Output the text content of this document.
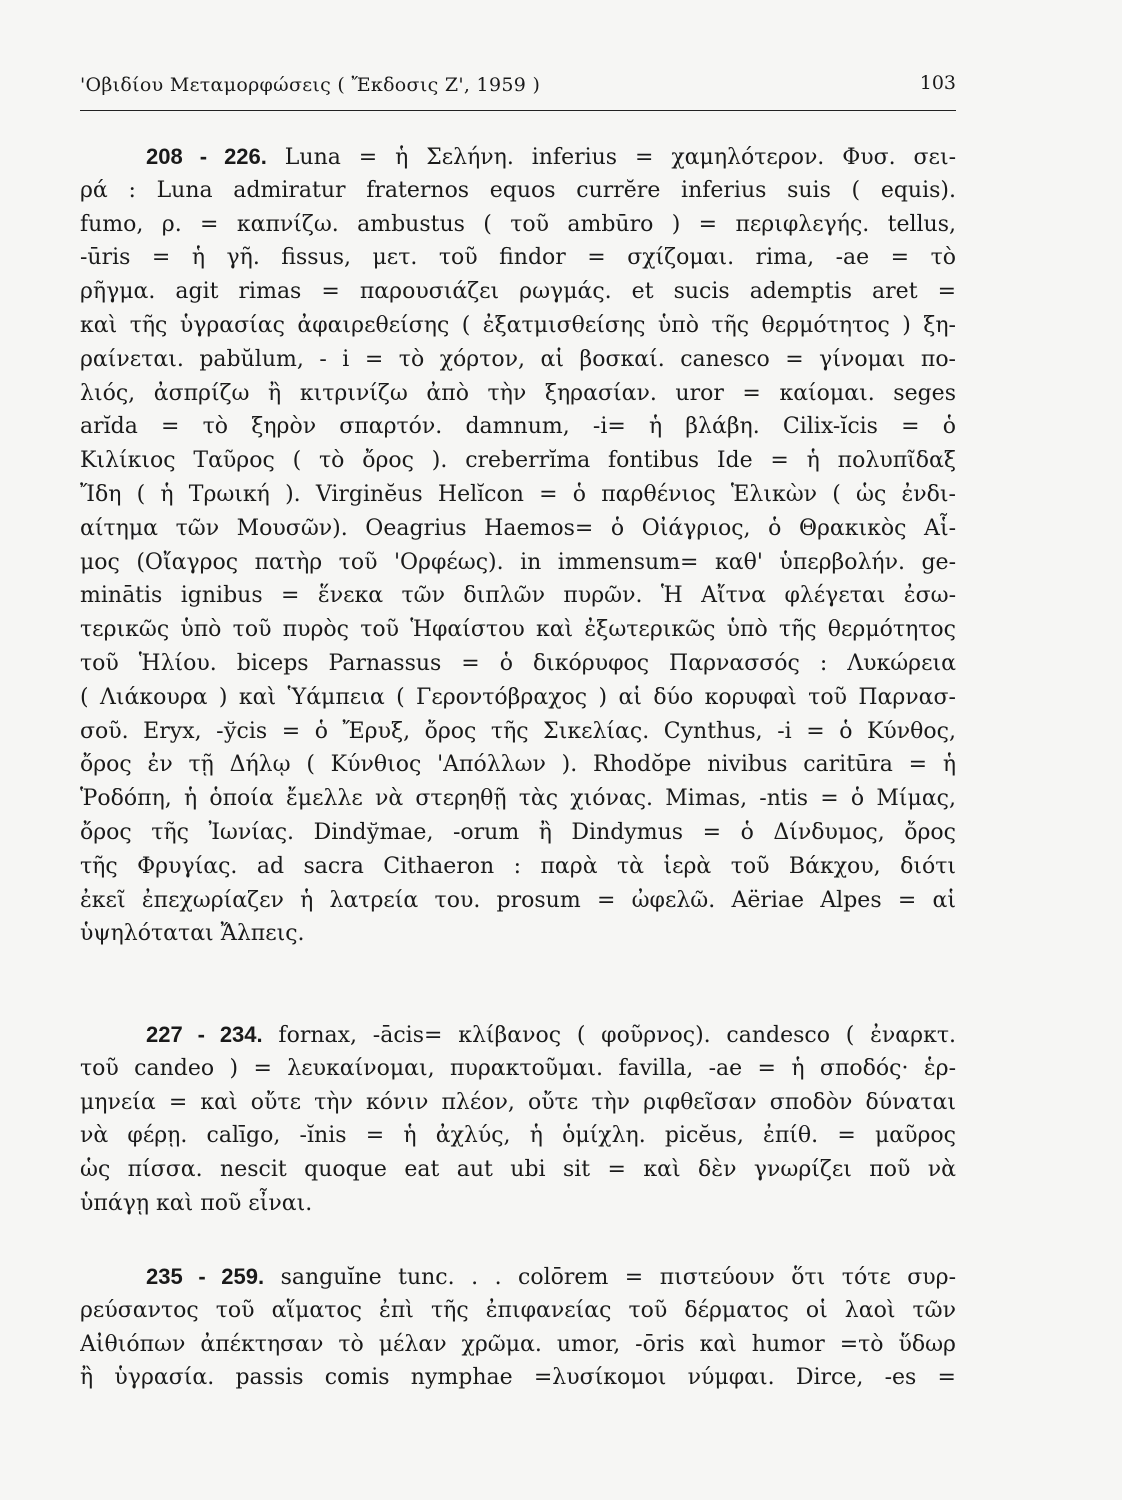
'Οβιδίου Μεταμορφώσεις ( Ἔκδοσις Ζ', 1959 )	103
208 - 226. Luna = ἡ Σελήνη. inferius = χαμηλότερον. Φυσ. σει-
ρά : Luna admiratur fraternos equos currĕre inferius suis ( equis).
fumo, ρ. = καπνίζω. ambustus ( τοῦ ambūro ) = περιφλεγής. tellus,
-ūris = ἡ γῆ. fissus, μετ. τοῦ findor = σχίζομαι. rima, -ae = τὸ
ρῆγμα. agit rimas = παρουσιάζει ρωγμάς. et sucis ademptis aret =
καὶ τῆς ὑγρασίας ἀφαιρεθείσης ( ἐξατμισθείσης ὑπὸ τῆς θερμότητος ) ξη-
ραίνεται. pabŭlum, - i = τὸ χόρτον, αἱ βοσκαί. canesco = γίνομαι πο-
λιός, ἀσπρίζω ἢ κιτρινίζω ἀπὸ τὴν ξηρασίαν. uror = καίομαι. seges
arĭda = τὸ ξηρὸν σπαρτόν. damnum, -i= ἡ βλάβη. Cilix-ĭcis = ὁ
Κιλίκιος Ταῦρος ( τὸ ὄρος ). creberrĭma fontibus Ide = ἡ πολυπῖδαξ
Ἴδη ( ἡ Τρωική ). Virginĕus Helĭcon = ὁ παρθένιος Ἑλικὼν ( ὡς ἐνδι-
αίτημα τῶν Μουσῶν). Oeagrius Haemos= ὁ Οἰάγριος, ὁ Θρακικὸς Αἷ-
μος (Οἴαγρος πατὴρ τοῦ 'Ορφέως). in immensum= καθ' ὑπερβολήν. ge-
minātis ignibus = ἕνεκα τῶν διπλῶν πυρῶν. Ἡ Αἴτνα φλέγεται ἐσω-
τερικῶς ὑπὸ τοῦ πυρὸς τοῦ Ἡφαίστου καὶ ἐξωτερικῶς ὑπὸ τῆς θερμότητος
τοῦ Ἡλίου. biceps Parnassus = ὁ δικόρυφος Παρνασσός : Λυκώρεια
( Λιάκουρα ) καὶ Ὑάμπεια ( Γεροντόβραχος ) αἱ δύο κορυφαὶ τοῦ Παρνασ-
σοῦ. Eryx, -ўcis = ὁ Ἔρυξ, ὄρος τῆς Σικελίας. Cynthus, -i = ὁ Κύνθος,
ὄρος ἐν τῇ Δήλῳ ( Κύνθιος 'Απόλλων ). Rhodŏpe nivibus caritūra = ἡ
Ῥοδόπη, ἡ ὁποία ἔμελλε νὰ στερηθῇ τὰς χιόνας. Mimas, -ntis = ὁ Μίμας,
ὄρος τῆς Ἰωνίας. Dindўmae, -orum ἢ Dindymus = ὁ Δίνδυμος, ὄρος
τῆς Φρυγίας. ad sacra Cithaeron : παρὰ τὰ ἱερὰ τοῦ Βάκχου, διότι
ἐκεῖ ἐπεχωρίαζεν ἡ λατρεία του. prosum = ὠφελῶ. Aëriae Alpes = αἱ
ὑψηλόταται Ἄλπεις.
227 - 234. fornax, -ācis= κλίβανος ( φοῦρνος). candesco ( ἐναρκτ.
τοῦ candeo ) = λευκαίνομαι, πυρακτοῦμαι. favilla, -ae = ἡ σποδός· ἑρ-
μηνεία = καὶ οὔτε τὴν κόνιν πλέον, οὔτε τὴν ριφθεῖσαν σποδὸν δύναται
νὰ φέρῃ. calīgo, -ĭnis = ἡ ἀχλύς, ἡ ὁμίχλη. picĕus, ἐπίθ. = μαῦρος
ὡς πίσσα. nescit quoque eat aut ubi sit = καὶ δὲν γνωρίζει ποῦ νὰ
ὑπάγῃ καὶ ποῦ εἶναι.
235 - 259. sanguĭne tunc. . . colōrem = πιστεύουν ὅτι τότε συρ-
ρεύσαντος τοῦ αἵματος ἐπὶ τῆς ἐπιφανείας τοῦ δέρματος οἱ λαοὶ τῶν
Αἰθιόπων ἀπέκτησαν τὸ μέλαν χρῶμα. umor, -ōris καὶ humor =τὸ ὕδωρ
ἢ ὑγρασία. passis comis nymphae =λυσίκομοι νύμφαι. Dirce, -es =
